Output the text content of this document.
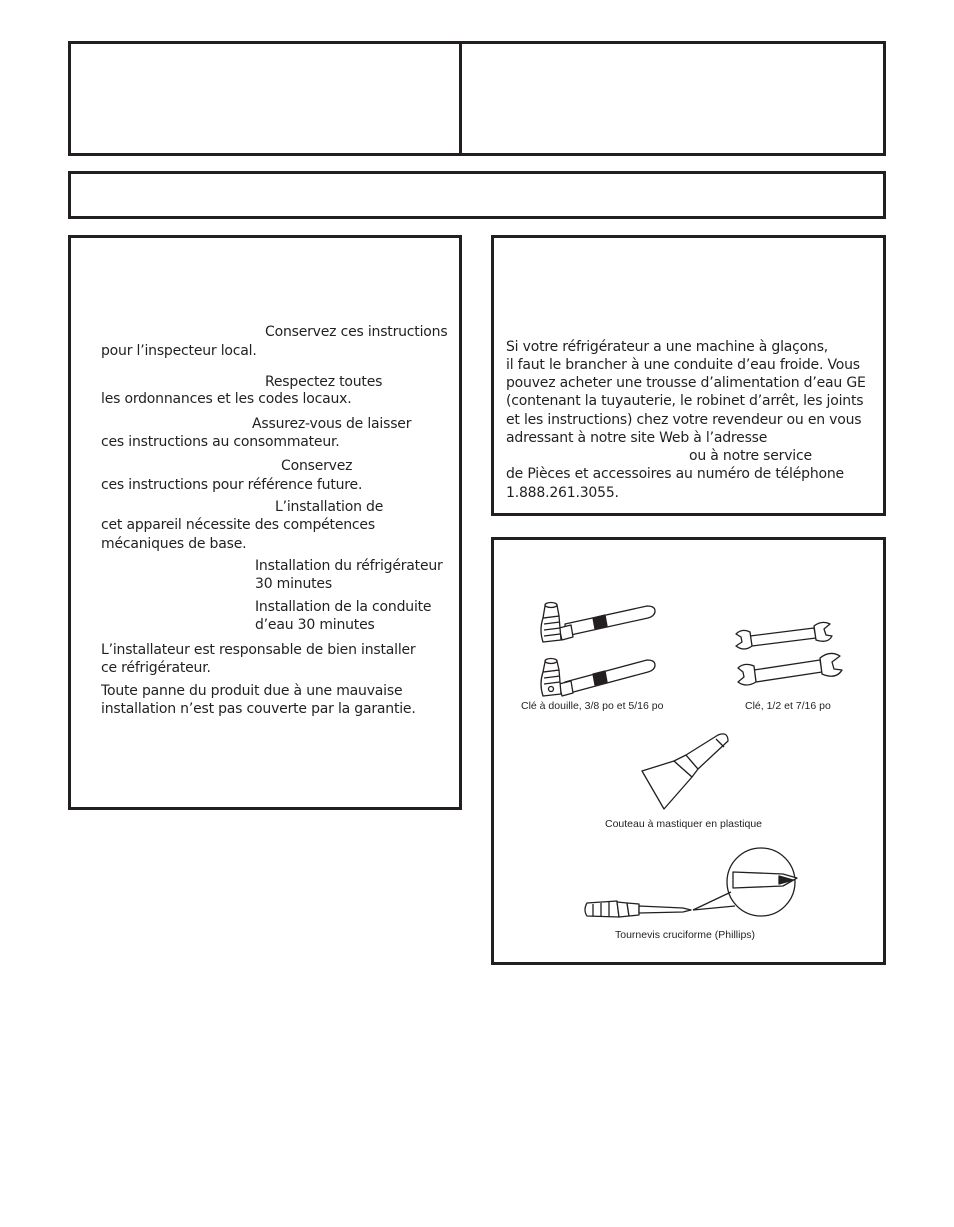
Conservez ces instructions
pour l’inspecteur local.
Respectez toutes
les ordonnances et les codes locaux.
Assurez-vous de laisser
ces instructions au consommateur.
Conservez
ces instructions pour référence future.
L’installation de
cet appareil nécessite des compétences
mécaniques de base.
Installation du réfrigérateur
30 minutes
Installation de la conduite
d’eau 30 minutes
L’installateur est responsable de bien installer
ce réfrigérateur.
Toute panne du produit due à une mauvaise
installation n’est pas couverte par la garantie.
Si votre réfrigérateur a une machine à glaçons,
il faut le brancher à une conduite d’eau froide. Vous
pouvez acheter une trousse d’alimentation d’eau GE
(contenant la tuyauterie, le robinet d’arrêt, les joints
et les instructions) chez votre revendeur ou en vous
adressant à notre site Web à l’adresse
ou à notre service
de Pièces et accessoires au numéro de téléphone
1.888.261.3055.
Clé à douille, 3/8 po et 5/16 po	Clé, 1/2 et 7/16 po
Couteau à mastiquer en plastique
Tournevis cruciforme (Phillips)
